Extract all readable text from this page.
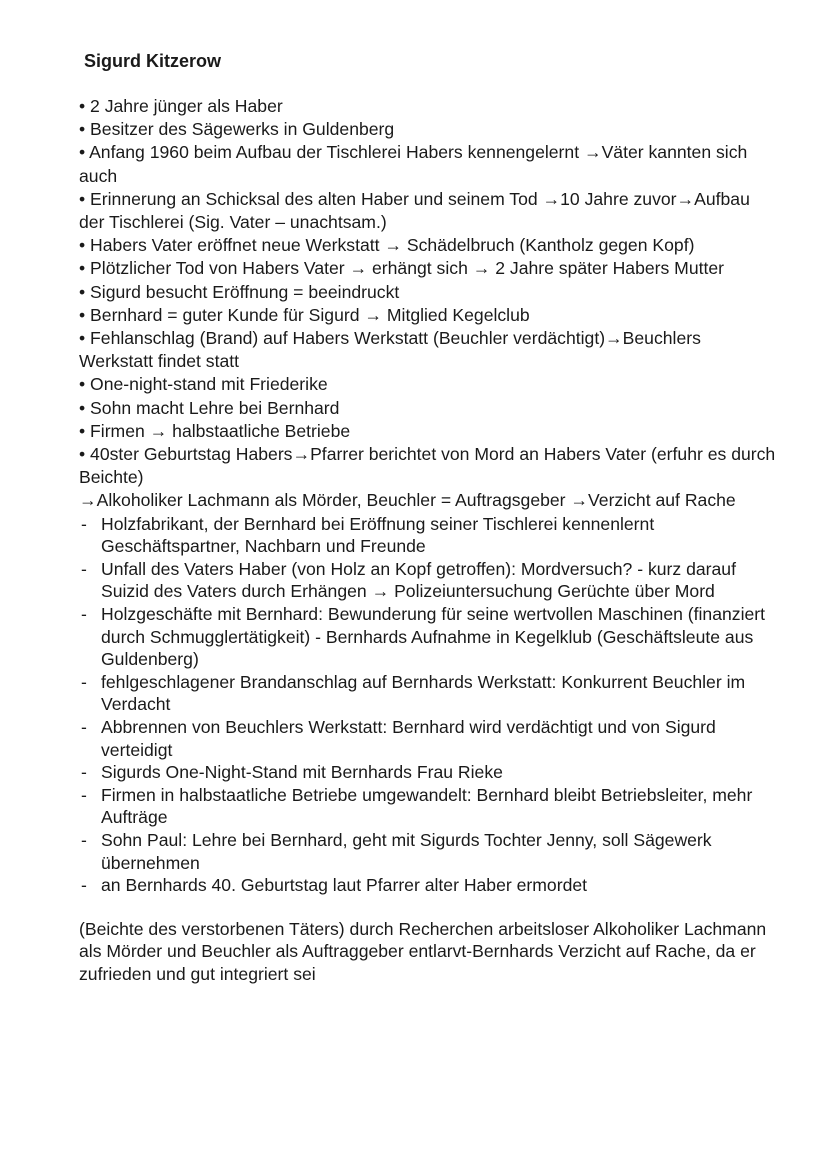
Sigurd Kitzerow
• 2 Jahre jünger als Haber
• Besitzer des Sägewerks in Guldenberg
• Anfang 1960 beim Aufbau der Tischlerei Habers kennengelernt →Väter kannten sich auch
• Erinnerung an Schicksal des alten Haber und seinem Tod →10 Jahre zuvor→Aufbau der Tischlerei (Sig. Vater – unachtsam.)
• Habers Vater eröffnet neue Werkstatt → Schädelbruch (Kantholz gegen Kopf)
• Plötzlicher Tod von Habers Vater → erhängt sich → 2 Jahre später Habers Mutter
• Sigurd besucht Eröffnung = beeindruckt
• Bernhard = guter Kunde für Sigurd → Mitglied Kegelclub
• Fehlanschlag (Brand) auf Habers Werkstatt (Beuchler verdächtigt)→Beuchlers Werkstatt findet statt
• One-night-stand mit Friederike
• Sohn macht Lehre bei Bernhard
• Firmen → halbstaatliche Betriebe
• 40ster Geburtstag Habers→Pfarrer berichtet von Mord an Habers Vater (erfuhr es durch Beichte)
→Alkoholiker Lachmann als Mörder, Beuchler = Auftragsgeber →Verzicht auf Rache
- Holzfabrikant, der Bernhard bei Eröffnung seiner Tischlerei kennenlernt Geschäftspartner, Nachbarn und Freunde
- Unfall des Vaters Haber (von Holz an Kopf getroffen): Mordversuch? - kurz darauf Suizid des Vaters durch Erhängen → Polizeiuntersuchung Gerüchte über Mord
- Holzgeschäfte mit Bernhard: Bewunderung für seine wertvollen Maschinen (finanziert durch Schmugglertätigkeit) - Bernhards Aufnahme in Kegelklub (Geschäftsleute aus Guldenberg)
- fehlgeschlagener Brandanschlag auf Bernhards Werkstatt: Konkurrent Beuchler im Verdacht
- Abbrennen von Beuchlers Werkstatt: Bernhard wird verdächtigt und von Sigurd verteidigt
- Sigurds One-Night-Stand mit Bernhards Frau Rieke
- Firmen in halbstaatliche Betriebe umgewandelt: Bernhard bleibt Betriebsleiter, mehr Aufträge
- Sohn Paul: Lehre bei Bernhard, geht mit Sigurds Tochter Jenny, soll Sägewerk übernehmen
- an Bernhards 40. Geburtstag laut Pfarrer alter Haber ermordet

(Beichte des verstorbenen Täters) durch Recherchen arbeitsloser Alkoholiker Lachmann als Mörder und Beuchler als Auftraggeber entlarvt-Bernhards Verzicht auf Rache, da er zufrieden und gut integriert sei
